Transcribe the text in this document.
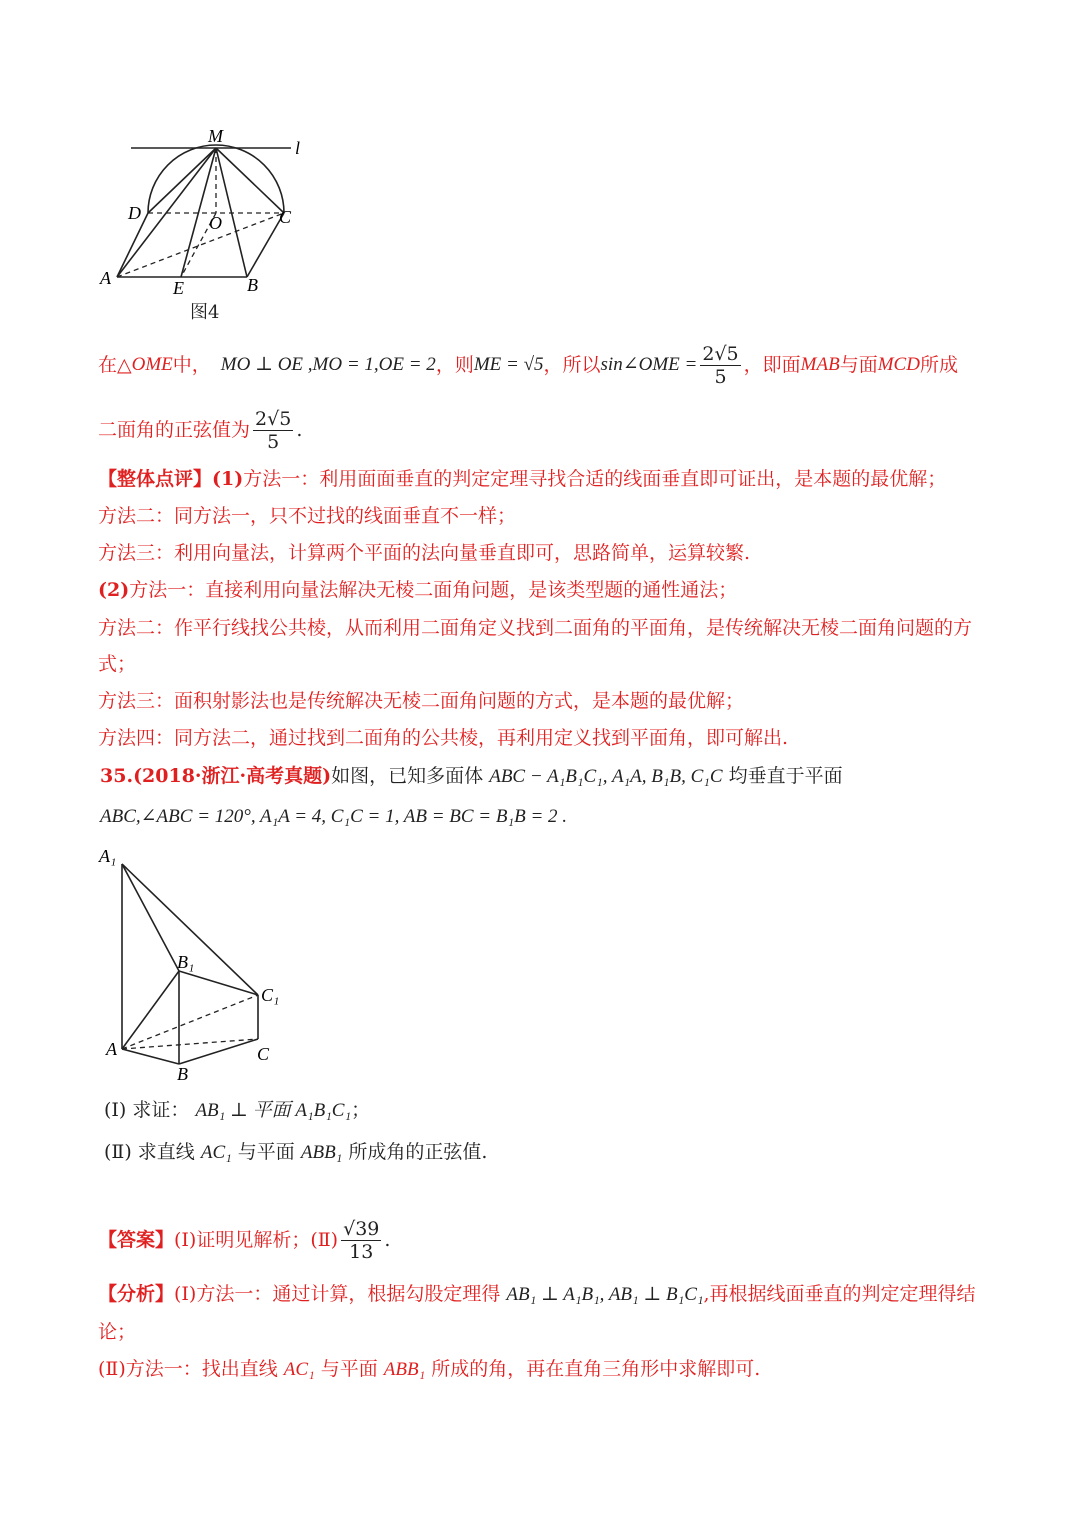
M
l
D	C
O
A	E	B
图4
在△ OME 中， MO ⊥ OE ,MO = 1,OE = 2 ，则 ME = √5 ，所以 sin∠OME = $\frac{2√5}{5}$ ，即面 MAB 与面 MCD 所成
二面角的正弦值为 $\frac{2√5}{5}$ .
【整体点评】(1)方法一：利用面面垂直的判定定理寻找合适的线面垂直即可证出，是本题的最优解；
方法二：同方法一，只不过找的线面垂直不一样；
方法三：利用向量法，计算两个平面的法向量垂直即可，思路简单，运算较繁.
(2)方法一：直接利用向量法解决无棱二面角问题，是该类型题的通性通法；
方法二：作平行线找公共棱，从而利用二面角定义找到二面角的平面角，是传统解决无棱二面角问题的方
式；
方法三：面积射影法也是传统解决无棱二面角问题的方式，是本题的最优解；
方法四：同方法二，通过找到二面角的公共棱，再利用定义找到平面角，即可解出.
35.(2018·浙江·高考真题)如图，已知多面体 ABC − A₁B₁C₁, A₁A, B₁B, C₁C 均垂直于平面
ABC,∠ABC = 120°, A₁A = 4, C₁C = 1, AB = BC = B₁B = 2 .
A₁
B₁
C₁
A	C
B
(Ⅰ) 求证： AB₁ ⊥ 平面 A₁B₁C₁；
(Ⅱ) 求直线 AC₁ 与平面 ABB₁ 所成角的正弦值.
【答案】 (Ⅰ)证明见解析；(Ⅱ) $\frac{√39}{13}$ .
【分析】(Ⅰ)方法一：通过计算，根据勾股定理得 AB₁ ⊥ A₁B₁, AB₁ ⊥ B₁C₁,再根据线面垂直的判定定理得结
论；
(Ⅱ)方法一：找出直线 AC₁ 与平面 ABB₁ 所成的角，再在直角三角形中求解即可.
